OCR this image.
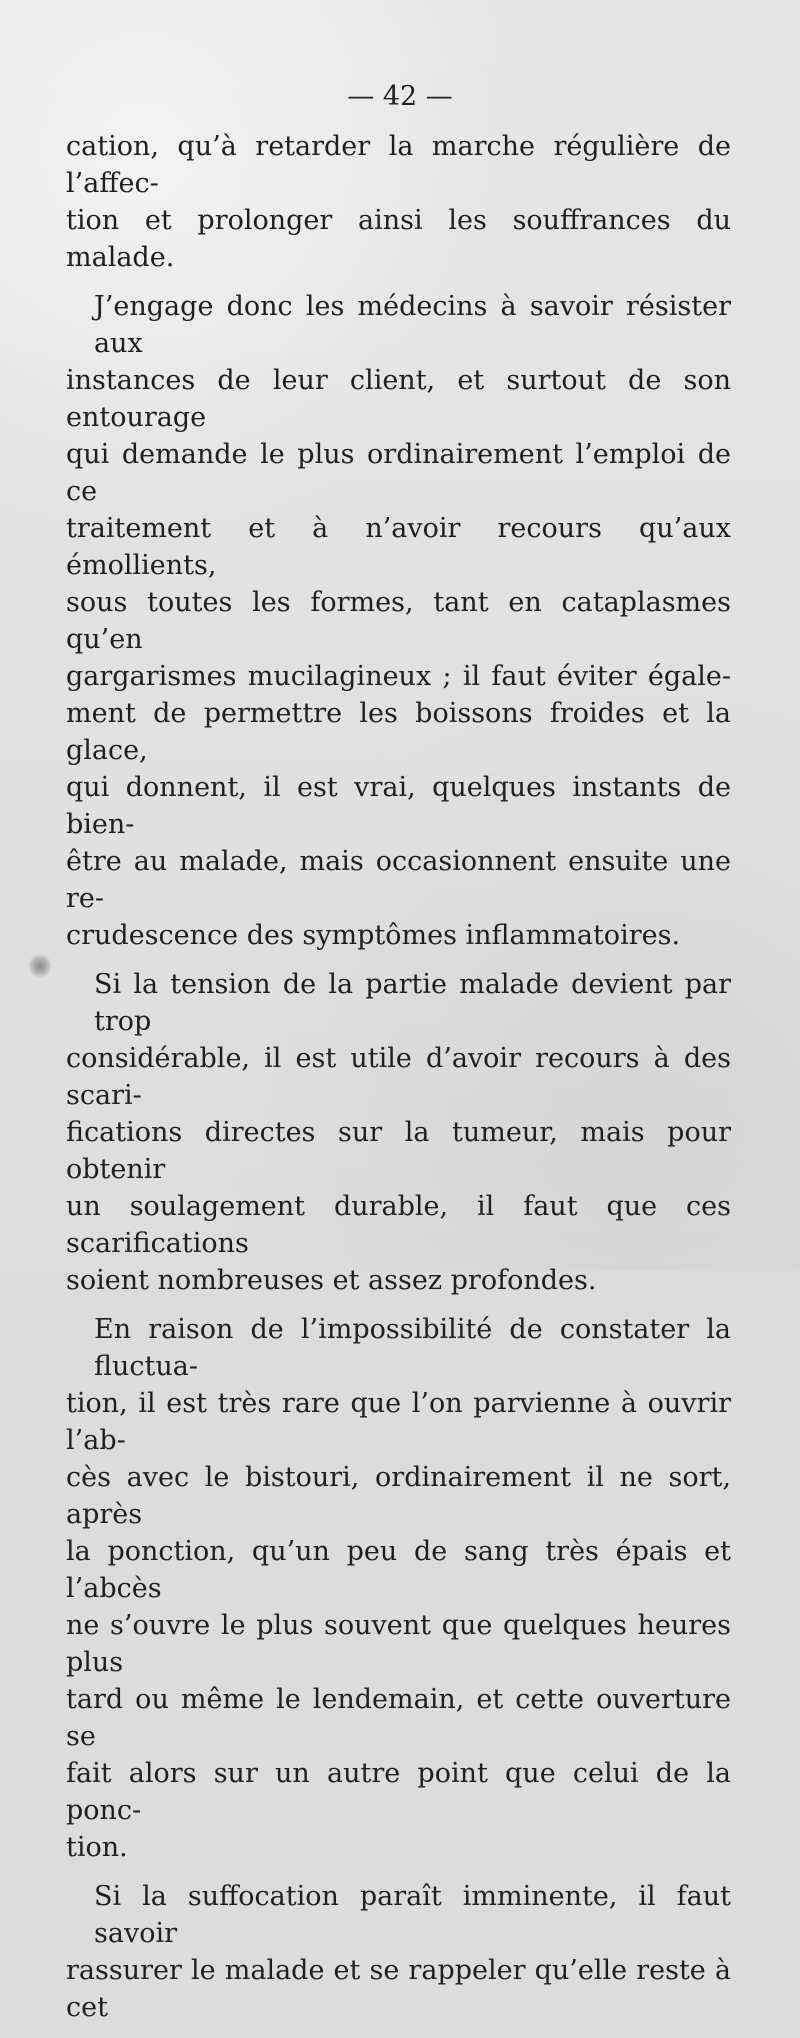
— 42 —

cation, qu’à retarder la marche régulière de l’affec-
tion et prolonger ainsi les souffrances du malade.

J’engage donc les médecins à savoir résister aux
instances de leur client, et surtout de son entourage
qui demande le plus ordinairement l’emploi de ce
traitement et à n’avoir recours qu’aux émollients,
sous toutes les formes, tant en cataplasmes qu’en
gargarismes mucilagineux ; il faut éviter égale-
ment de permettre les boissons froides et la glace,
qui donnent, il est vrai, quelques instants de bien-
être au malade, mais occasionnent ensuite une re-
crudescence des symptômes inflammatoires.

Si la tension de la partie malade devient par trop
considérable, il est utile d’avoir recours à des scari-
fications directes sur la tumeur, mais pour obtenir
un soulagement durable, il faut que ces scarifications
soient nombreuses et assez profondes.

En raison de l’impossibilité de constater la fluctua-
tion, il est très rare que l’on parvienne à ouvrir l’ab-
cès avec le bistouri, ordinairement il ne sort, après
la ponction, qu’un peu de sang très épais et l’abcès
ne s’ouvre le plus souvent que quelques heures plus
tard ou même le lendemain, et cette ouverture se
fait alors sur un autre point que celui de la ponc-
tion.

Si la suffocation paraît imminente, il faut savoir
rassurer le malade et se rappeler qu’elle reste à cet
